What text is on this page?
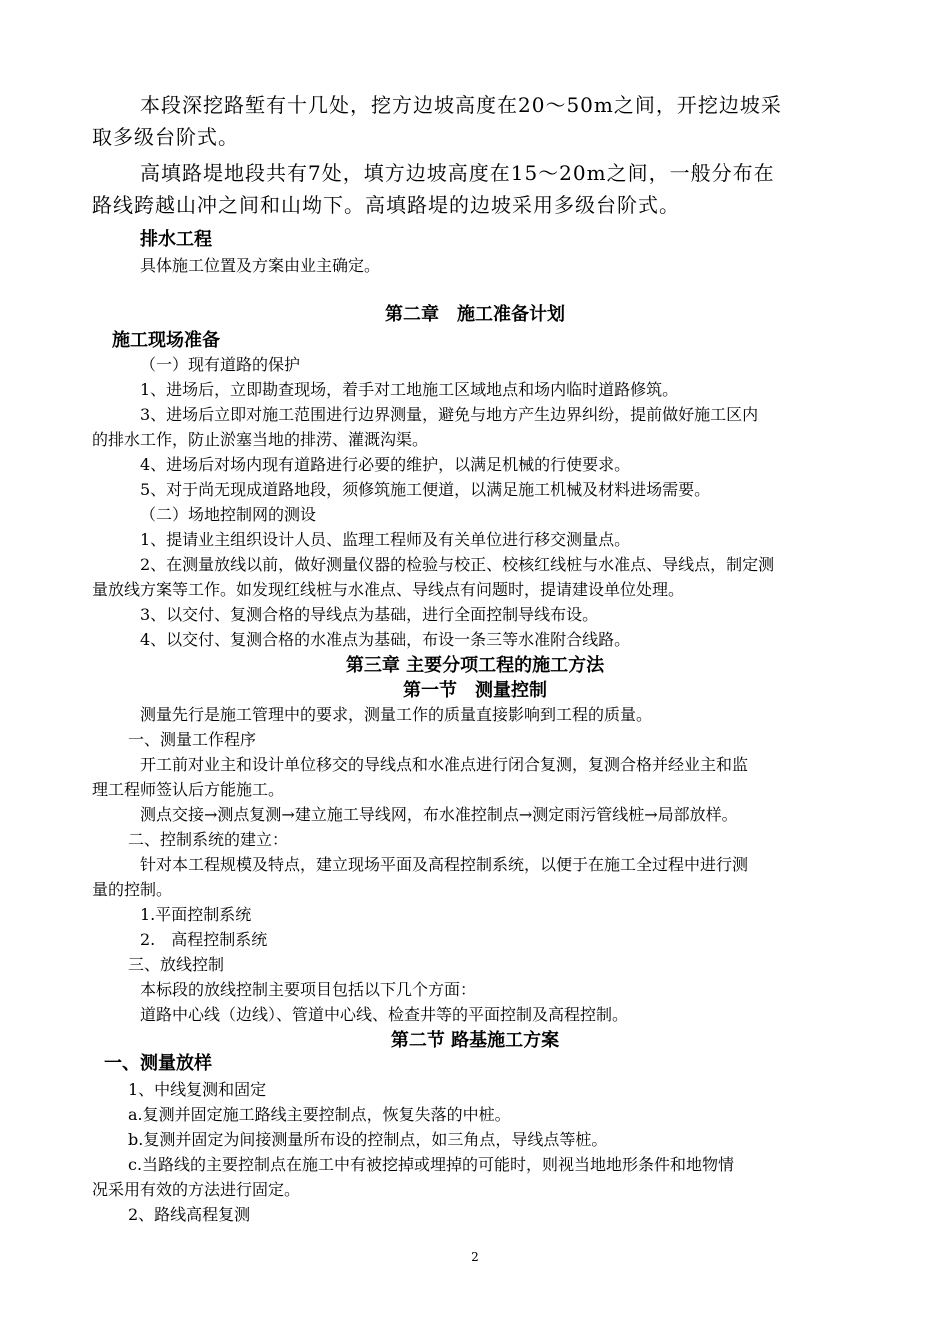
本段深挖路堑有十几处，挖方边坡高度在20～50m之间，开挖边坡采
取多级台阶式。
高填路堤地段共有7处，填方边坡高度在15～20m之间，一般分布在
路线跨越山冲之间和山坳下。高填路堤的边坡采用多级台阶式。
排水工程
具体施工位置及方案由业主确定。
第二章　施工准备计划
施工现场准备
（一）现有道路的保护
1、进场后，立即勘查现场，着手对工地施工区域地点和场内临时道路修筑。
3、进场后立即对施工范围进行边界测量，避免与地方产生边界纠纷，提前做好施工区内
的排水工作，防止淤塞当地的排涝、灌溉沟渠。
4、进场后对场内现有道路进行必要的维护，以满足机械的行使要求。
5、对于尚无现成道路地段，须修筑施工便道，以满足施工机械及材料进场需要。
（二）场地控制网的测设
1、提请业主组织设计人员、监理工程师及有关单位进行移交测量点。
2、在测量放线以前，做好测量仪器的检验与校正、校核红线桩与水准点、导线点，制定测
量放线方案等工作。如发现红线桩与水准点、导线点有问题时，提请建设单位处理。
3、以交付、复测合格的导线点为基础，进行全面控制导线布设。
4、以交付、复测合格的水准点为基础，布设一条三等水准附合线路。
第三章 主要分项工程的施工方法
第一节　测量控制
测量先行是施工管理中的要求，测量工作的质量直接影响到工程的质量。
一、测量工作程序
开工前对业主和设计单位移交的导线点和水准点进行闭合复测，复测合格并经业主和监
理工程师签认后方能施工。
测点交接→测点复测→建立施工导线网，布水准控制点→测定雨污管线桩→局部放样。
二、控制系统的建立：
针对本工程规模及特点，建立现场平面及高程控制系统，以便于在施工全过程中进行测
量的控制。
1.平面控制系统
2.　高程控制系统
三、放线控制
本标段的放线控制主要项目包括以下几个方面：
道路中心线（边线）、管道中心线、检查井等的平面控制及高程控制。
第二节 路基施工方案
一、测量放样
1、中线复测和固定
a.复测并固定施工路线主要控制点，恢复失落的中桩。
b.复测并固定为间接测量所布设的控制点，如三角点，导线点等桩。
c.当路线的主要控制点在施工中有被挖掉或埋掉的可能时，则视当地地形条件和地物情
况采用有效的方法进行固定。
2、路线高程复测
2
